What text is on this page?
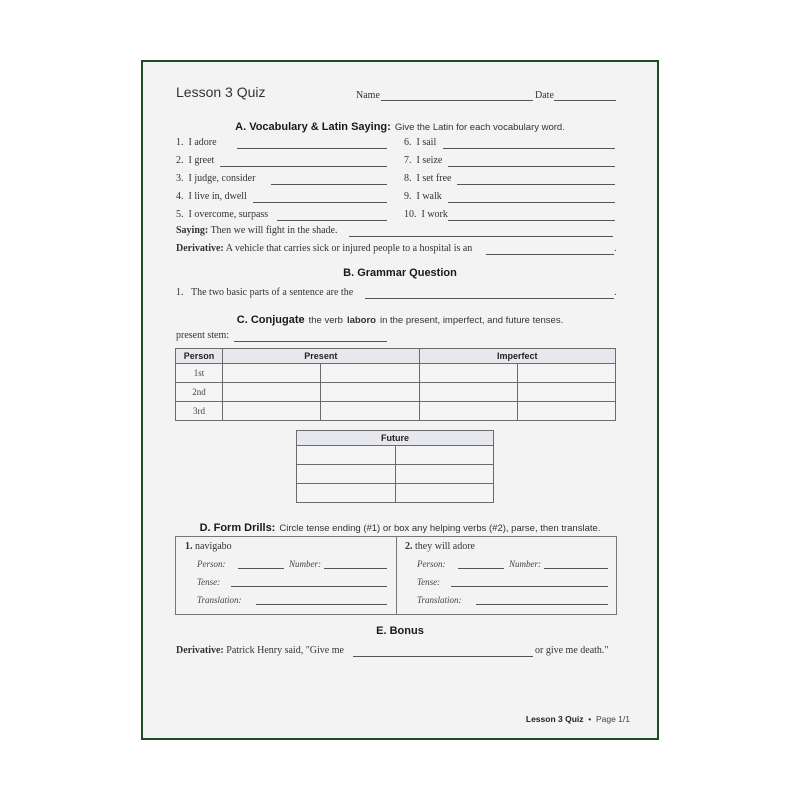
Lesson 3 Quiz	Name	Date
A. Vocabulary & Latin Saying: Give the Latin for each vocabulary word.
1. I adore
2. I greet
3. I judge, consider
4. I live in, dwell
5. I overcome, surpass
6. I sail
7. I seize
8. I set free
9. I walk
10. I work
Saying: Then we will fight in the shade.
Derivative: A vehicle that carries sick or injured people to a hospital is an	.
B. Grammar Question
1. The two basic parts of a sentence are the	.
C. Conjugate the verb laboro in the present, imperfect, and future tenses.
present stem:
Person	Present		Imperfect	
1st				
2nd				
3rd				
Future	

D. Form Drills: Circle tense ending (#1) or box any helping verbs (#2), parse, then translate.
1. navigabo
Person:	Number:
Tense:
Translation:
2. they will adore
Person:	Number:
Tense:
Translation:
E. Bonus
Derivative: Patrick Henry said, "Give me	or give me death."
Lesson 3 Quiz • Page 1/1
